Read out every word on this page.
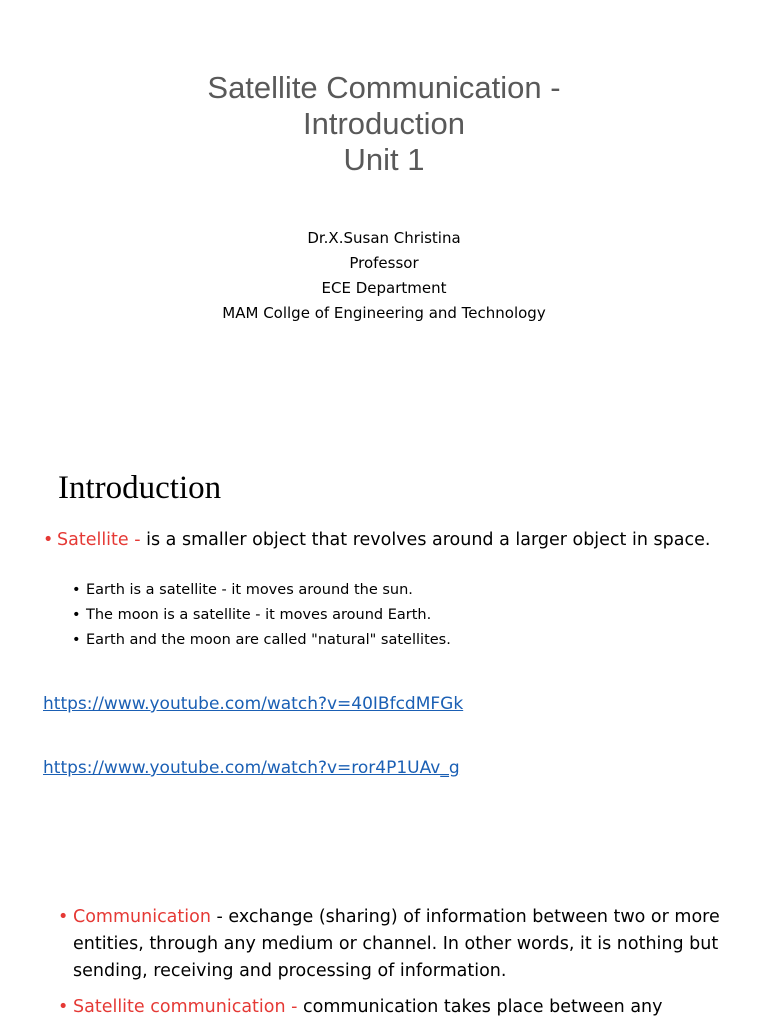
Satellite Communication -
Introduction
Unit 1
Dr.X.Susan Christina
Professor
ECE Department
MAM Collge of Engineering and Technology
Introduction
• Satellite - is a smaller object that revolves around a larger object in space.
• Earth is a satellite - it moves around the sun.
• The moon is a satellite - it moves around Earth.
• Earth and the moon are called "natural" satellites.
https://www.youtube.com/watch?v=40IBfcdMFGk
https://www.youtube.com/watch?v=ror4P1UAv_g
• Communication - exchange (sharing) of information between two or more entities, through any medium or channel. In other words, it is nothing but sending, receiving and processing of information.
• Satellite communication - communication takes place between any
